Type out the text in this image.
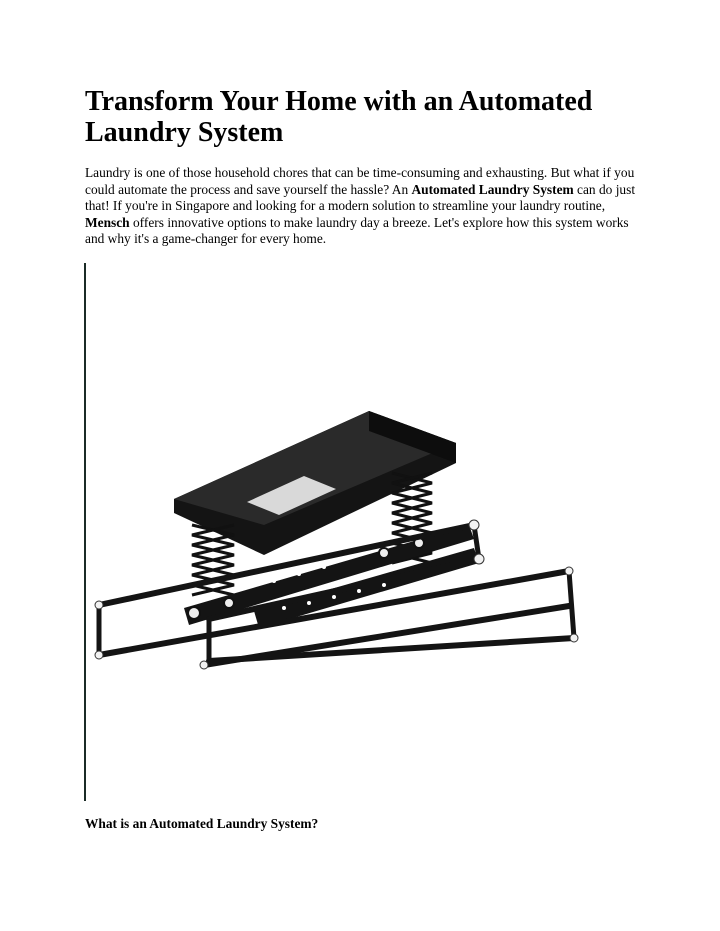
Transform Your Home with an Automated Laundry System

Laundry is one of those household chores that can be time-consuming and exhausting. But what if you could automate the process and save yourself the hassle? An Automated Laundry System can do just that! If you're in Singapore and looking for a modern solution to streamline your laundry routine, Mensch offers innovative options to make laundry day a breeze. Let's explore how this system works and why it's a game-changer for every home.

What is an Automated Laundry System?
